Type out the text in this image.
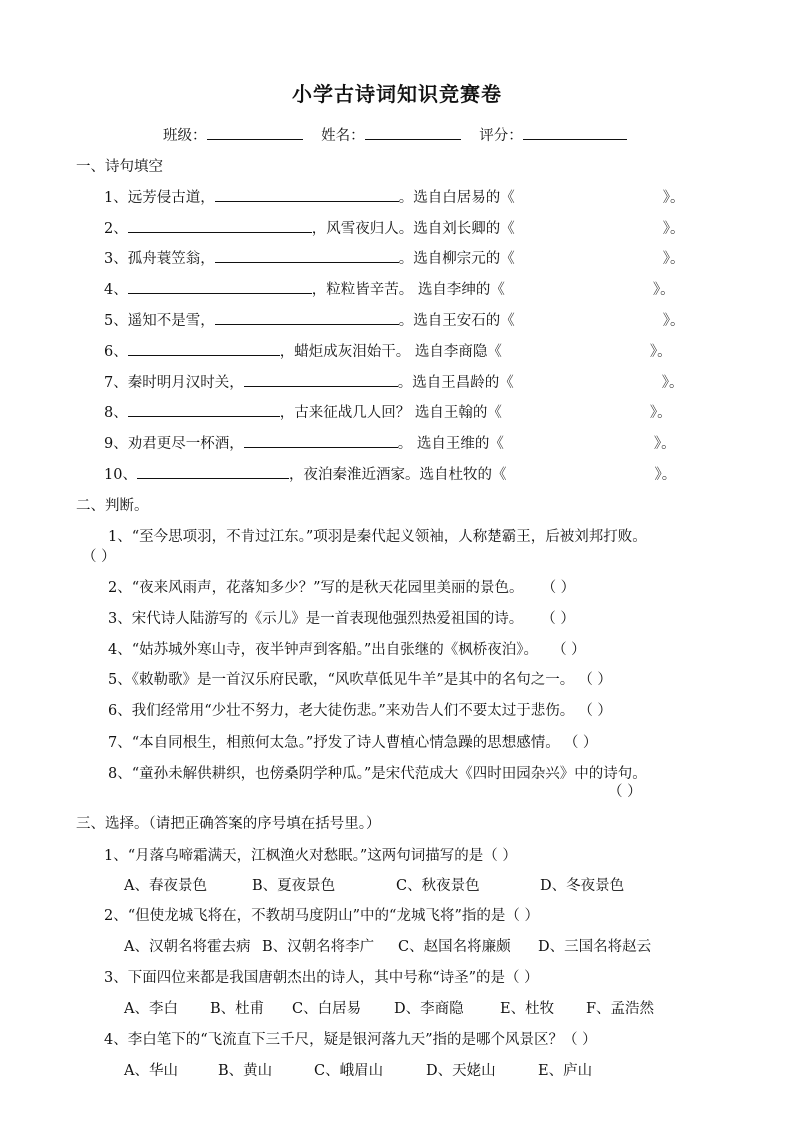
小学古诗词知识竞赛卷
班级：	姓名：	评分：
一、诗句填空
1、远芳侵古道，	。选自白居易的《	》。
2、	，风雪夜归人。选自刘长卿的《	》。
3、孤舟蓑笠翁，	。选自柳宗元的《	》。
4、	，粒粒皆辛苦。 选自李绅的《	》。
5、遥知不是雪，	。选自王安石的《	》。
6、	，蜡炬成灰泪始干。 选自李商隐《	》。
7、秦时明月汉时关，	。选自王昌龄的《	》。
8、	，古来征战几人回？ 选自王翰的《	》。
9、劝君更尽一杯酒，	。 选自王维的《	》。
10、	，夜泊秦淮近酒家。选自杜牧的《	》。
二、判断。
1、“至今思项羽，不肯过江东。”项羽是秦代起义领袖，人称楚霸王，后被刘邦打败。
（ ）
2、“夜来风雨声，花落知多少？”写的是秋天花园里美丽的景色。 （ ）
3、宋代诗人陆游写的《示儿》是一首表现他强烈热爱祖国的诗。 （ ）
4、“姑苏城外寒山寺，夜半钟声到客船。”出自张继的《枫桥夜泊》。 （ ）
5、《敕勒歌》是一首汉乐府民歌，“风吹草低见牛羊”是其中的名句之一。 （ ）
6、我们经常用“少壮不努力，老大徒伤悲。”来劝告人们不要太过于悲伤。 （ ）
7、“本自同根生，相煎何太急。”抒发了诗人曹植心情急躁的思想感情。 （ ）
8、“童孙未解供耕织，也傍桑阴学种瓜。”是宋代范成大《四时田园杂兴》中的诗句。
（ ）
三、选择。（请把正确答案的序号填在括号里。）
1、“月落乌啼霜满天，江枫渔火对愁眠。”这两句词描写的是（ ）
A、春夜景色	B、夏夜景色	C、秋夜景色	D、冬夜景色
2、“但使龙城飞将在，不教胡马度阴山”中的“龙城飞将”指的是（ ）
A、汉朝名将霍去病 B、汉朝名将李广 C、赵国名将廉颇 D、三国名将赵云
3、下面四位来都是我国唐朝杰出的诗人，其中号称“诗圣”的是（ ）
A、李白 B、杜甫 C、白居易 D、李商隐	E、杜牧 F、孟浩然
4、李白笔下的“飞流直下三千尺，疑是银河落九天”指的是哪个风景区？（ ）
A、华山	B、黄山	C、峨眉山	D、天姥山	E、庐山
